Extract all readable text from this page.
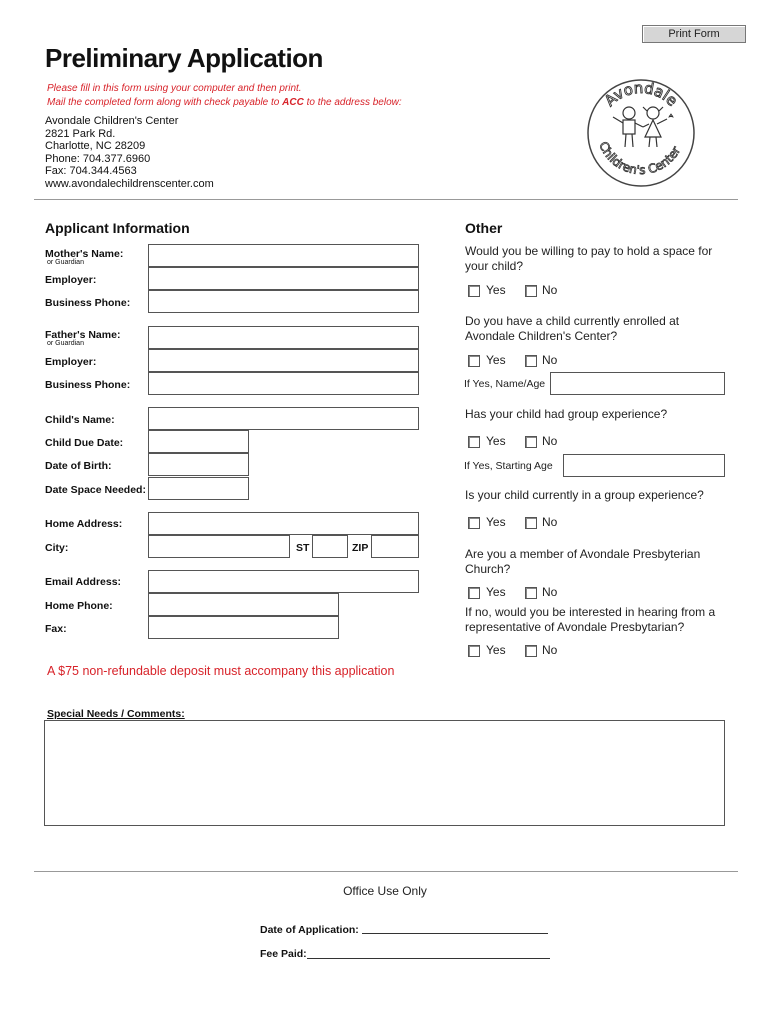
Print Form
Preliminary Application
Please fill in this form using your computer and then print.
Mail the completed form along with check payable to ACC to the address below:
Avondale Children's Center
2821 Park Rd.
Charlotte, NC 28209
Phone: 704.377.6960
Fax: 704.344.4563
www.avondalechildrenscenter.com
Avondale
Children's Center
Applicant Information
Mother's Name:
or Guardian
Employer:
Business Phone:
Father's Name:
or Guardian
Employer:
Business Phone:
Child's Name:
Child Due Date:
Date of Birth:
Date Space Needed:
Home Address:
City:	ST	ZIP
Email Address:
Home Phone:
Fax:
Other
Would you be willing to pay to hold a space for your child?
Yes	No
Do you have a child currently enrolled at Avondale Children's Center?
Yes	No
If Yes, Name/Age
Has your child had group experience?
Yes	No
If Yes, Starting Age
Is your child currently in a group experience?
Yes	No
Are you a member of Avondale Presbyterian Church?
Yes	No
If no, would you be interested in hearing from a representative of Avondale Presbytarian?
Yes	No
A $75 non-refundable deposit must accompany this application
Special Needs / Comments:
Office Use Only
Date of Application:
Fee Paid:
